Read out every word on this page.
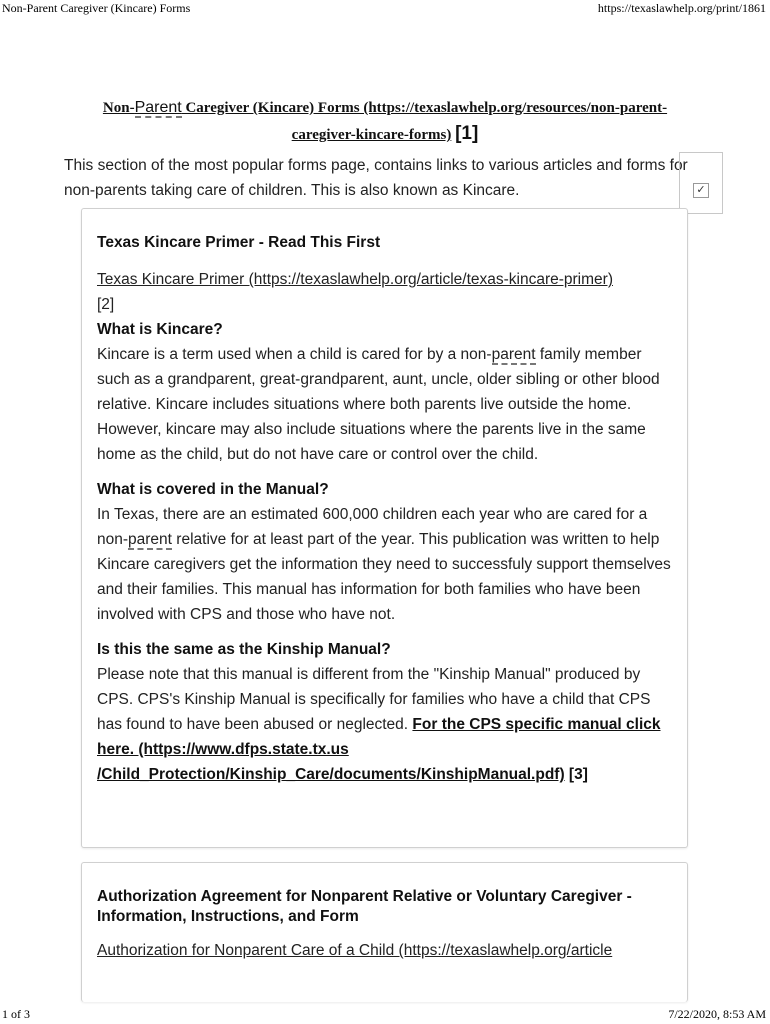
Non-Parent Caregiver (Kincare) Forms	https://texaslawhelp.org/print/1861
Non-Parent Caregiver (Kincare) Forms (https://texaslawhelp.org/resources/non-parent-
caregiver-kincare-forms) [1]
This section of the most popular forms page, contains links to various articles and forms for non-parents taking care of children. This is also known as Kincare.	✓
Texas Kincare Primer - Read This First

Texas Kincare Primer (https://texaslawhelp.org/article/texas-kincare-primer)

[2]

What is Kincare?

Kincare is a term used when a child is cared for by a non-parent family member such as a grandparent, great-grandparent, aunt, uncle, older sibling or other blood relative. Kincare includes situations where both parents live outside the home. However, kincare may also include situations where the parents live in the same home as the child, but do not have care or control over the child.

What is covered in the Manual?

In Texas, there are an estimated 600,000 children each year who are cared for a non-parent relative for at least part of the year. This publication was written to help Kincare caregivers get the information they need to successfuly support themselves and their families. This manual has information for both families who have been involved with CPS and those who have not.

Is this the same as the Kinship Manual?

Please note that this manual is different from the "Kinship Manual" produced by CPS. CPS's Kinship Manual is specifically for families who have a child that CPS has found to have been abused or neglected. For the CPS specific manual click here. (https://www.dfps.state.tx.us /Child_Protection/Kinship_Care/documents/KinshipManual.pdf) [3]

Authorization Agreement for Nonparent Relative or Voluntary Caregiver - Information, Instructions, and Form
Authorization for Nonparent Care of a Child (https://texaslawhelp.org/article
1 of 3	7/22/2020, 8:53 AM
